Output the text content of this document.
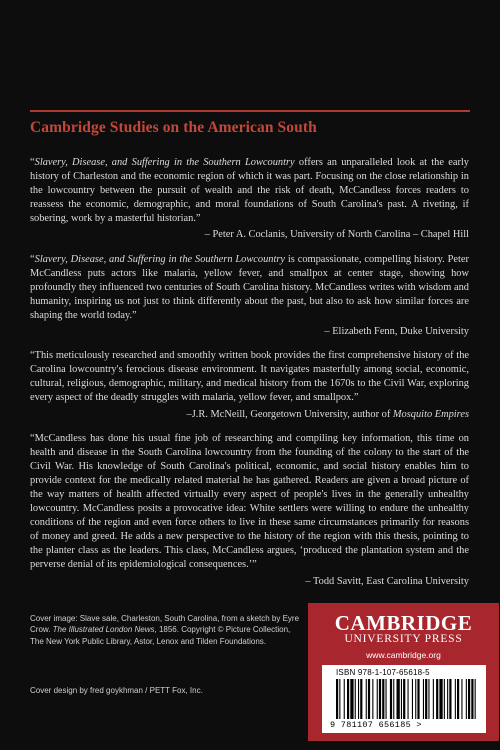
Cambridge Studies on the American South

“Slavery, Disease, and Suffering in the Southern Lowcountry offers an unparalleled look at the early history of Charleston and the economic region of which it was part. Focusing on the close relationship in the lowcountry between the pursuit of wealth and the risk of death, McCandless forces readers to reassess the economic, demographic, and moral foundations of South Carolina's past. A riveting, if sobering, work by a masterful historian.”

– Peter A. Coclanis, University of North Carolina – Chapel Hill

“Slavery, Disease, and Suffering in the Southern Lowcountry is compassionate, compelling history. Peter McCandless puts actors like malaria, yellow fever, and smallpox at center stage, showing how profoundly they influenced two centuries of South Carolina history. McCandless writes with wisdom and humanity, inspiring us not just to think differently about the past, but also to ask how similar forces are shaping the world today.”

– Elizabeth Fenn, Duke University

“This meticulously researched and smoothly written book provides the first comprehensive history of the Carolina lowcountry's ferocious disease environment. It navigates masterfully among social, economic, cultural, religious, demographic, military, and medical history from the 1670s to the Civil War, exploring every aspect of the deadly struggles with malaria, yellow fever, and smallpox.”

–J.R. McNeill, Georgetown University, author of Mosquito Empires

“McCandless has done his usual fine job of researching and compiling key information, this time on health and disease in the South Carolina lowcountry from the founding of the colony to the start of the Civil War. His knowledge of South Carolina's political, economic, and social history enables him to provide context for the medically related material he has gathered. Readers are given a broad picture of the way matters of health affected virtually every aspect of people's lives in the generally unhealthy lowcountry. McCandless posits a provocative idea: White settlers were willing to endure the unhealthy conditions of the region and even force others to live in these same circumstances primarily for reasons of money and greed. He adds a new perspective to the history of the region with this thesis, pointing to the planter class as the leaders. This class, McCandless argues, ‘produced the plantation system and the perverse denial of its epidemiological consequences.’”

– Todd Savitt, East Carolina University

Cover image: Slave sale, Charleston, South Carolina, from a sketch by Eyre Crow. The Illustrated London News, 1856. Copyright © Picture Collection, The New York Public Library, Astor, Lenox and Tilden Foundations.
Cover design by fred goykhman / PETT Fox, Inc.
CAMBRIDGE
UNIVERSITY PRESS
www.cambridge.org
ISBN 978-1-107-65618-5
9 781107 656185 >
